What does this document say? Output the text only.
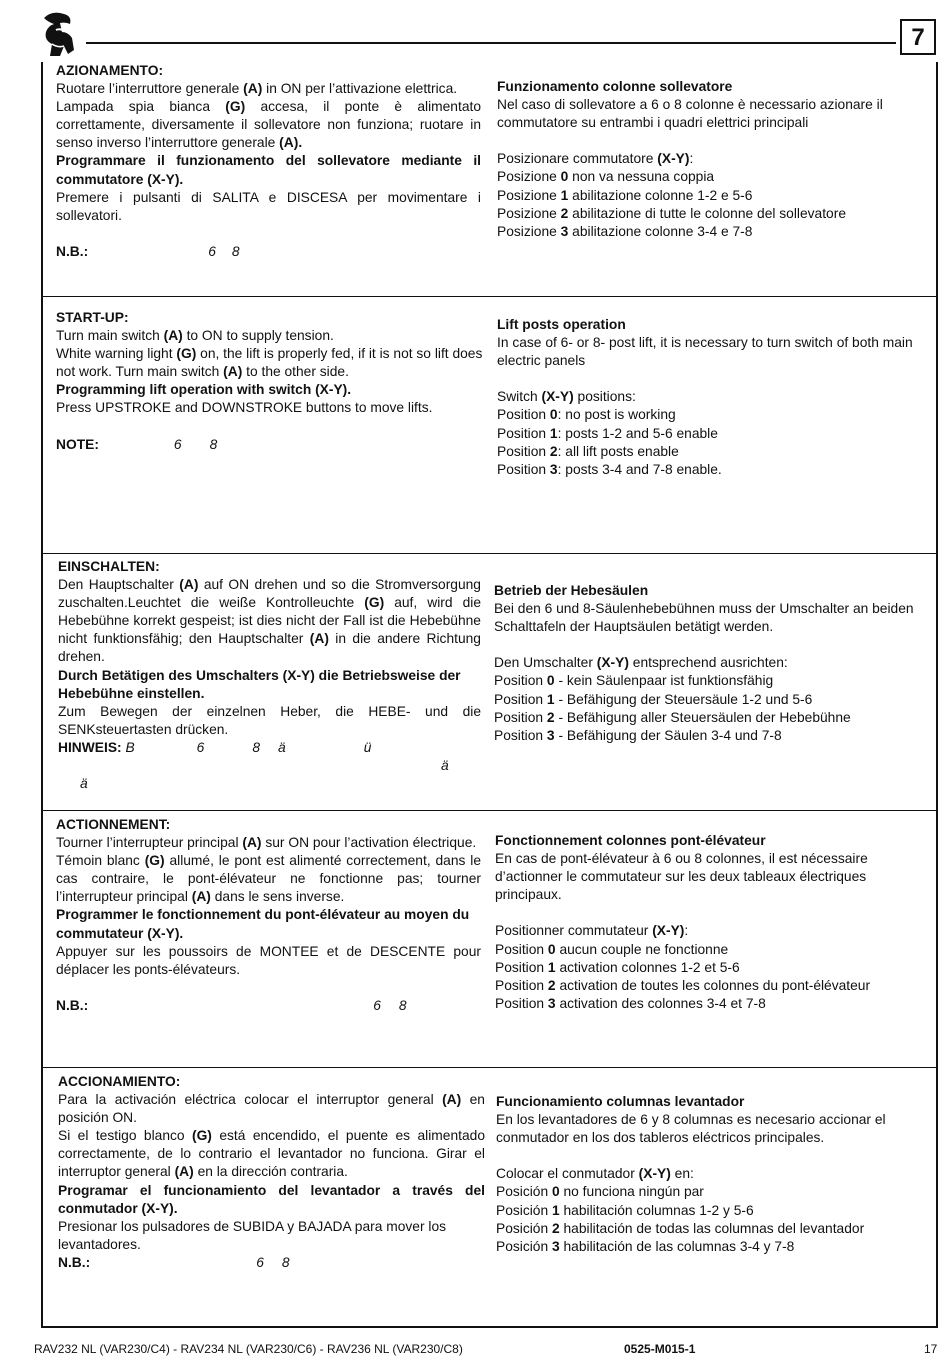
7

AZIONAMENTO:

Ruotare l’interruttore generale (A) in ON per l’attivazione elettrica.

Lampada spia bianca (G) accesa, il ponte è alimentato correttamente, diversamente il sollevatore non funziona; ruotare in senso inverso l’interruttore generale (A).

Programmare il funzionamento del sollevatore mediante il commutatore (X-Y).

Premere i pulsanti di SALITA e DISCESA per movimentare i sollevatori.

N.B.:	6 8

Funzionamento colonne sollevatore

Nel caso di sollevatore a 6 o 8 colonne è necessario azionare il commutatore su entrambi i quadri elettrici principali

Posizionare commutatore (X-Y):

Posizione 0 non va nessuna coppia

Posizione 1 abilitazione colonne 1-2 e 5-6

Posizione 2 abilitazione di tutte le colonne del sollevatore

Posizione 3 abilitazione colonne 3-4 e 7-8

START-UP:

Turn main switch (A) to ON to supply tension.

White warning light (G) on, the lift is properly fed, if it is not so lift does not work. Turn main switch (A) to the other side.

Programming lift operation with switch (X-Y).

Press UPSTROKE and DOWNSTROKE buttons to move lifts.

NOTE:	6 8

Lift posts operation

In case of 6- or 8- post lift, it is necessary to turn switch of both main electric panels

Switch (X-Y) positions:

Position 0: no post is working

Position 1: posts 1-2 and 5-6 enable

Position 2: all lift posts enable

Position 3: posts 3-4 and 7-8 enable.

EINSCHALTEN:

Den Hauptschalter (A) auf ON drehen und so die Stromversorgung zuschalten.Leuchtet die weiße Kontrolleuchte (G) auf, wird die Hebebühne korrekt gespeist; ist dies nicht der Fall ist die Hebebühne nicht funktionsfähig; den Hauptschalter (A) in die andere Richtung drehen.

Durch Betätigen des Umschalters (X-Y) die Betriebsweise der Hebebühne einstellen.

Zum Bewegen der einzelnen Heber, die HEBE- und die SENKsteuertasten drücken.

HINWEIS: B	6	8 ä	ü

ä

ä

Betrieb der Hebesäulen

Bei den 6 und 8-Säulenhebebühnen muss der Umschalter an beiden Schalttafeln der Hauptsäulen betätigt werden.

Den Umschalter (X-Y) entsprechend ausrichten:

Position 0 - kein Säulenpaar ist funktionsfähig

Position 1 - Befähigung der Steuersäule 1-2 und 5-6

Position 2 - Befähigung aller Steuersäulen der Hebebühne

Position 3 - Befähigung der Säulen 3-4 und 7-8

ACTIONNEMENT:

Tourner l’interrupteur principal (A) sur ON pour l’activation électrique.

Témoin blanc (G) allumé, le pont est alimenté correctement, dans le cas contraire, le pont-élévateur ne fonctionne pas; tourner l’interrupteur principal (A) dans le sens inverse.

Programmer le fonctionnement du pont-élévateur au moyen du commutateur (X-Y).

Appuyer sur les poussoirs de MONTEE et de DESCENTE pour déplacer les ponts-élévateurs.

N.B.:	6 8

Fonctionnement colonnes pont-élévateur

En cas de pont-élévateur à 6 ou 8 colonnes, il est nécessaire d’actionner le commutateur sur les deux tableaux électriques principaux.

Positionner commutateur (X-Y):

Position 0 aucun couple ne fonctionne

Position 1 activation colonnes 1-2 et 5-6

Position 2 activation de toutes les colonnes du pont-élévateur

Position 3 activation des colonnes 3-4 et 7-8

ACCIONAMIENTO:

Para la activación eléctrica colocar el interruptor general (A) en posición ON.

Si el testigo blanco (G) está encendido, el puente es alimentado correctamente, de lo contrario el levantador no funciona. Girar el interruptor general (A) en la dirección contraria.

Programar el funcionamiento del levantador a través del conmutador (X-Y).

Presionar los pulsadores de SUBIDA y BAJADA para mover los levantadores.

N.B.:	6 8

Funcionamiento columnas levantador

En los levantadores de 6 y 8 columnas es necesario accionar el conmutador en los dos tableros eléctricos principales.

Colocar el conmutador (X-Y) en:

Posición 0 no funciona ningún par

Posición 1 habilitación columnas 1-2 y 5-6

Posición 2 habilitación de todas las columnas del levantador

Posición 3 habilitación de las columnas 3-4 y 7-8

RAV232 NL (VAR230/C4) - RAV234 NL (VAR230/C6) - RAV236 NL (VAR230/C8)	0525-M015-1	17
